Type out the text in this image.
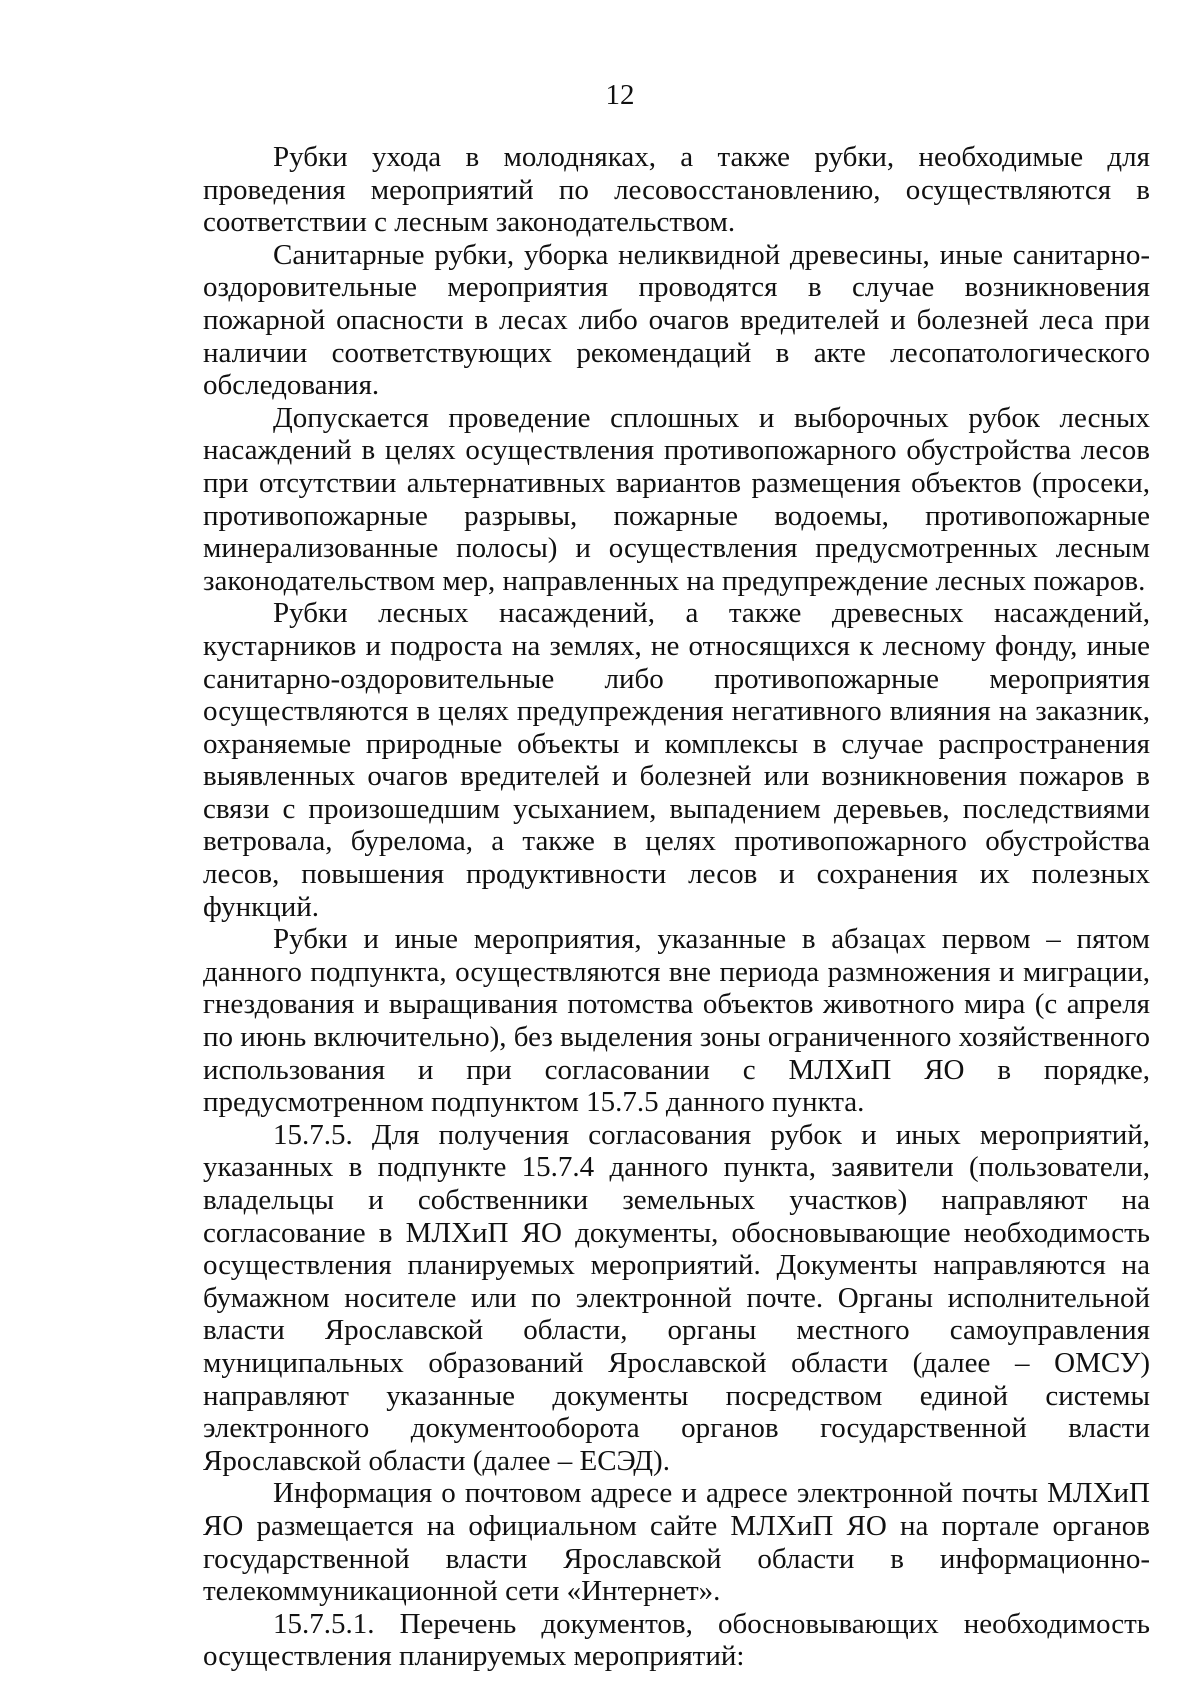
12

Рубки ухода в молодняках, а также рубки, необходимые для проведения мероприятий по лесовосстановлению, осуществляются в соответствии с лесным законодательством.

Санитарные рубки, уборка неликвидной древесины, иные санитарно-оздоровительные мероприятия проводятся в случае возникновения пожарной опасности в лесах либо очагов вредителей и болезней леса при наличии соответствующих рекомендаций в акте лесопатологического обследования.

Допускается проведение сплошных и выборочных рубок лесных насаждений в целях осуществления противопожарного обустройства лесов при отсутствии альтернативных вариантов размещения объектов (просеки, противопожарные разрывы, пожарные водоемы, противопожарные минерализованные полосы) и осуществления предусмотренных лесным законодательством мер, направленных на предупреждение лесных пожаров.

Рубки лесных насаждений, а также древесных насаждений, кустарников и подроста на землях, не относящихся к лесному фонду, иные санитарно-оздоровительные либо противопожарные мероприятия осуществляются в целях предупреждения негативного влияния на заказник, охраняемые природные объекты и комплексы в случае распространения выявленных очагов вредителей и болезней или возникновения пожаров в связи с произошедшим усыханием, выпадением деревьев, последствиями ветровала, бурелома, а также в целях противопожарного обустройства лесов, повышения продуктивности лесов и сохранения их полезных функций.

Рубки и иные мероприятия, указанные в абзацах первом – пятом данного подпункта, осуществляются вне периода размножения и миграции, гнездования и выращивания потомства объектов животного мира (с апреля по июнь включительно), без выделения зоны ограниченного хозяйственного использования и при согласовании с МЛХиП ЯО в порядке, предусмотренном подпунктом 15.7.5 данного пункта.

15.7.5. Для получения согласования рубок и иных мероприятий, указанных в подпункте 15.7.4 данного пункта, заявители (пользователи, владельцы и собственники земельных участков) направляют на согласование в МЛХиП ЯО документы, обосновывающие необходимость осуществления планируемых мероприятий. Документы направляются на бумажном носителе или по электронной почте. Органы исполнительной власти Ярославской области, органы местного самоуправления муниципальных образований Ярославской области (далее – ОМСУ) направляют указанные документы посредством единой системы электронного документооборота органов государственной власти Ярославской области (далее – ЕСЭД).

Информация о почтовом адресе и адресе электронной почты МЛХиП ЯО размещается на официальном сайте МЛХиП ЯО на портале органов государственной власти Ярославской области в информационно-телекоммуникационной сети «Интернет».

15.7.5.1. Перечень документов, обосновывающих необходимость осуществления планируемых мероприятий:
